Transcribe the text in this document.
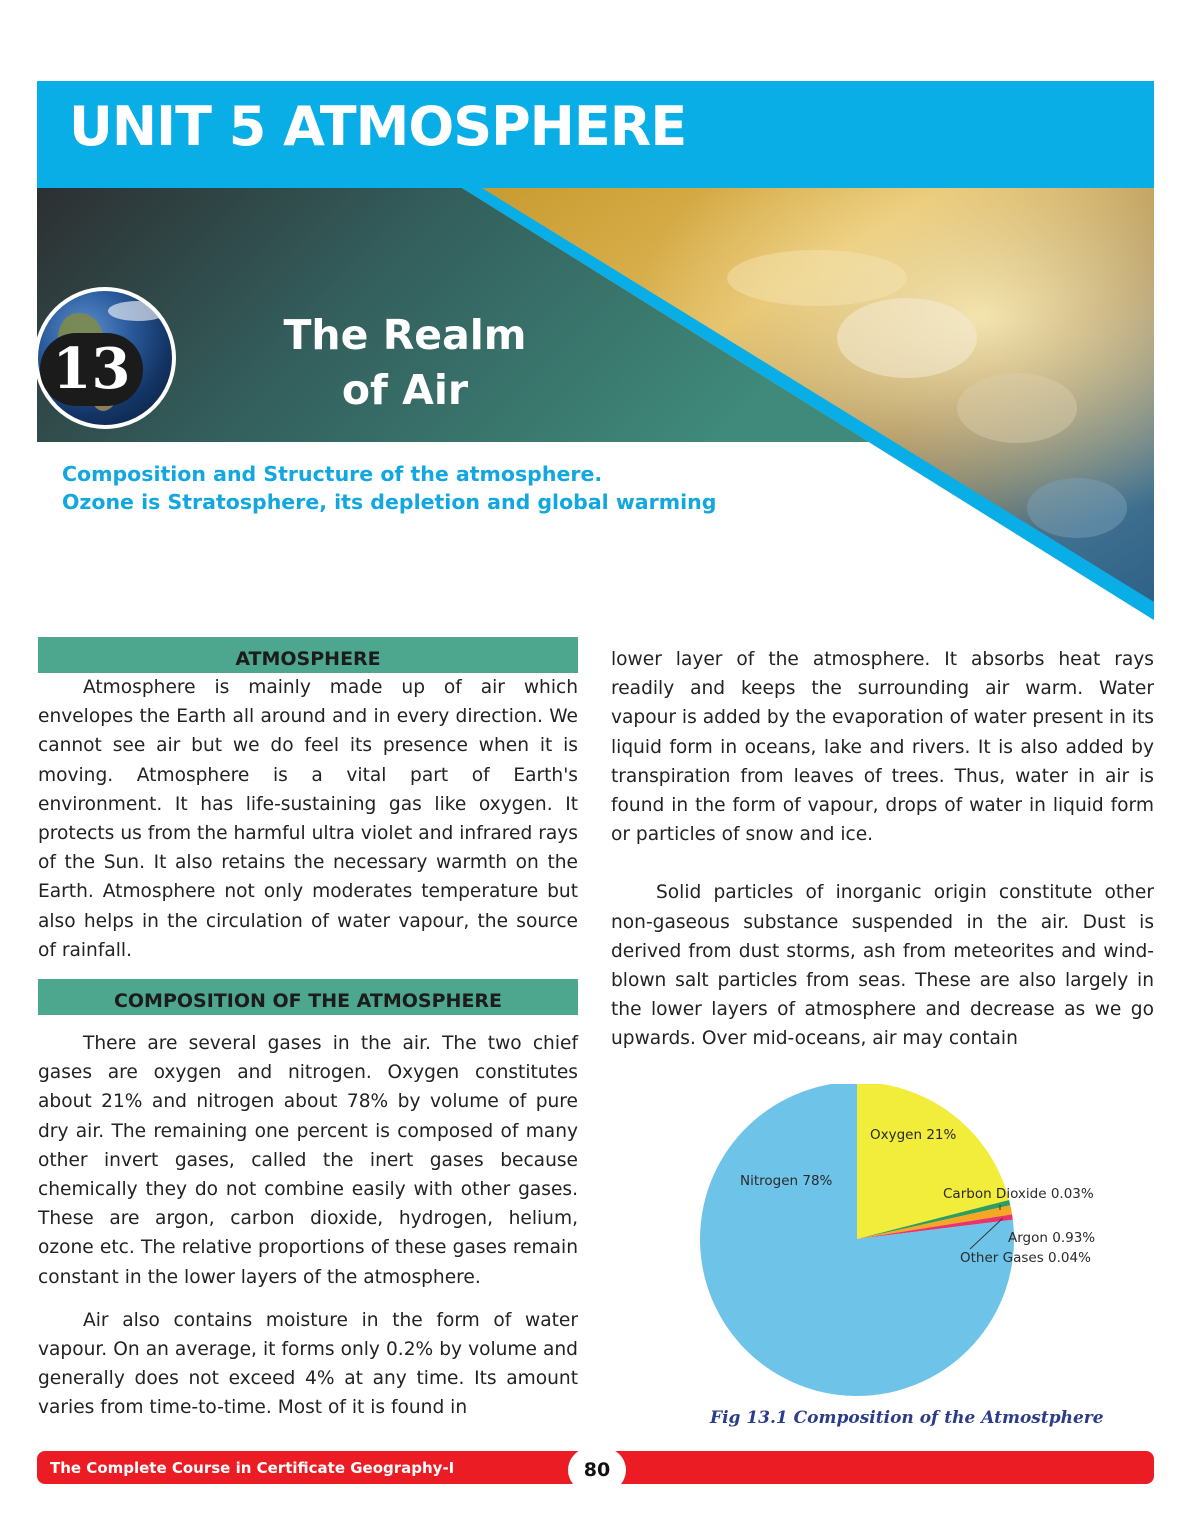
UNIT 5 ATMOSPHERE
13
The Realm
of Air
Composition and Structure of the atmosphere.
Ozone is Stratosphere, its depletion and global warming
ATMOSPHERE

Atmosphere is mainly made up of air which envelopes the Earth all around and in every direction. We cannot see air but we do feel its presence when it is moving. Atmosphere is a vital part of Earth's environment. It has life-sustaining gas like oxygen. It protects us from the harmful ultra violet and infrared rays of the Sun. It also retains the necessary warmth on the Earth. Atmosphere not only moderates temperature but also helps in the circulation of water vapour, the source of rainfall.

COMPOSITION OF THE ATMOSPHERE

There are several gases in the air. The two chief gases are oxygen and nitrogen. Oxygen constitutes about 21% and nitrogen about 78% by volume of pure dry air. The remaining one percent is composed of many other invert gases, called the inert gases because chemically they do not combine easily with other gases. These are argon, carbon dioxide, hydrogen, helium, ozone etc. The relative proportions of these gases remain constant in the lower layers of the atmosphere.

Air also contains moisture in the form of water vapour. On an average, it forms only 0.2% by volume and generally does not exceed 4% at any time. Its amount varies from time-to-time. Most of it is found in

lower layer of the atmosphere. It absorbs heat rays readily and keeps the surrounding air warm. Water vapour is added by the evaporation of water present in its liquid form in oceans, lake and rivers. It is also added by transpiration from leaves of trees. Thus, water in air is found in the form of vapour, drops of water in liquid form or particles of snow and ice.

Solid particles of inorganic origin constitute other non-gaseous substance suspended in the air. Dust is derived from dust storms, ash from meteorites and wind-blown salt particles from seas. These are also largely in the lower layers of atmosphere and decrease as we go upwards. Over mid-oceans, air may contain

Oxygen 21%
Nitrogen 78%
Carbon Dioxide 0.03%
Argon 0.93%
Other Gases 0.04%
Fig 13.1 Composition of the Atmostphere
The Complete Course in Certificate Geography-I	80
